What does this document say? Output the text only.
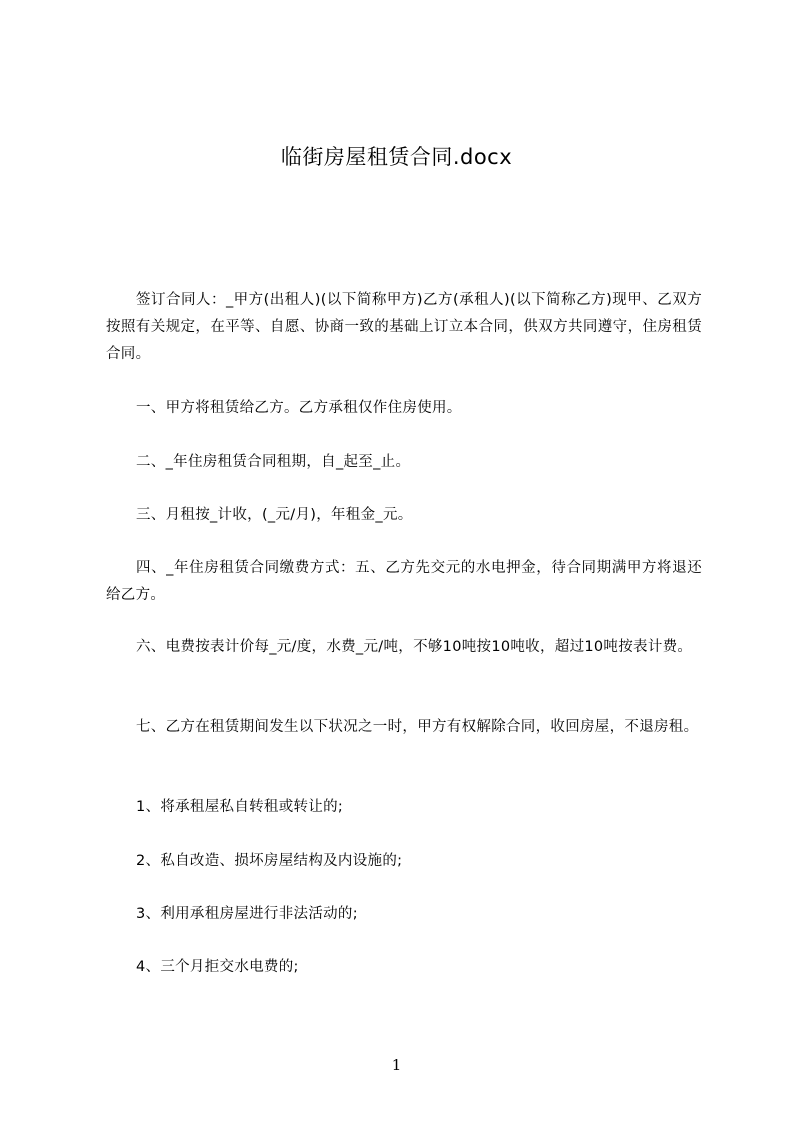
临街房屋租赁合同.docx

签订合同人：_甲方(出租人)(以下简称甲方)乙方(承租人)(以下简称乙方)现甲、乙双方按照有关规定，在平等、自愿、协商一致的基础上订立本合同，供双方共同遵守，住房租赁合同。

一、甲方将租赁给乙方。乙方承租仅作住房使用。

二、_年住房租赁合同租期，自_起至_止。

三、月租按_计收，(_元/月)，年租金_元。

四、_年住房租赁合同缴费方式：五、乙方先交元的水电押金，待合同期满甲方将退还给乙方。

六、电费按表计价每_元/度，水费_元/吨，不够10吨按10吨收，超过10吨按表计费。

七、乙方在租赁期间发生以下状况之一时，甲方有权解除合同，收回房屋，不退房租。

1、将承租屋私自转租或转让的;

2、私自改造、损坏房屋结构及内设施的;

3、利用承租房屋进行非法活动的;

4、三个月拒交水电费的;

1
